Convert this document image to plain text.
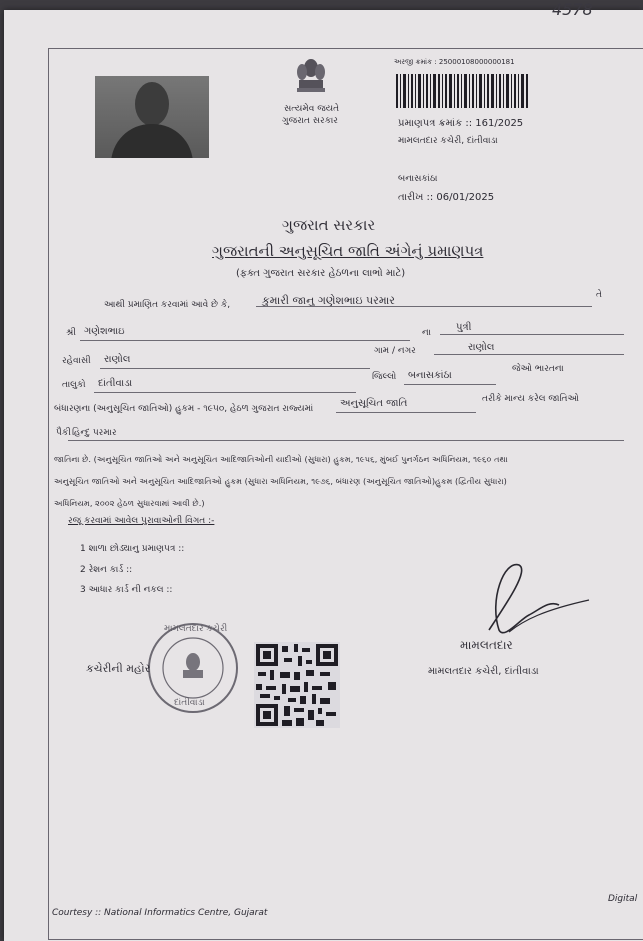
4578
સત્યમેવ જયતે
ગુજરાત સરકાર
અરજી ક્રમાંક : 25000108000000181
પ્રમાણપત્ર ક્રમાંક :: 161/2025
મામલતદાર કચેરી, દાંતીવાડા
બનાસકાંઠા
તારીખ :: 06/01/2025
ગુજરાત સરકાર
ગુજરાતની અનુસૂચિત જાતિ અંગેનું પ્રમાણપત્ર
(ફક્ત ગુજરાત સરકાર હેઠળના લાભો માટે)
આથી પ્રમાણિત કરવામાં આવે છે કે,	કુમારી જાનુ ગણેશભાઇ પરમાર	તે
શ્રી ગણેશભાઇ	ના	પુત્રી
રહેવાસી રાણોલ
ગામ / નગર	રાણોલ
તાલુકો દાંતીવાડા
જિલ્લો બનાસકાંઠા
જેઓ ભારતના
બંધારણના (અનુસૂચિત જાતિઓ) હુકમ - ૧૯૫૦, હેઠળ ગુજરાત રાજ્યમાં	અનુસૂચિત જાતિ	તરીકે માન્ય કરેલ જાતિઓ
પૈકી હિન્દુ પરમાર
જાતિના છે. (અનુસૂચિત જાતિઓ અને અનુસૂચિત આદિજાતિઓની યાદીઓ (સુધારા) હુકમ, ૧૯૫૬, મુંબઈ પુનર્ગઠન અધિનિયમ, ૧૯૬૦ તથા
અનુસૂચિત જાતિઓ અને અનુસૂચિત આદિજાતિઓ હુકમ (સુધારા અધિનિયમ, ૧૯૭૬, બંધારણ (અનુસૂચિત જાતિઓ)હુકમ (દ્વિતીય સુધારા)
અધિનિયમ, ૨૦૦૨ હેઠળ સુધારવામાં આવી છે.)
રજૂ કરવામાં આવેલ પુરાવાઓની વિગત :-
1 શાળા છોડ્યાનુ પ્રમાણપત્ર ::
2 રેશન કાર્ડ ::
3 આધાર કાર્ડ ની નકલ ::
મામલતદાર કચેરી
દાંતીવાડા
કચેરીની મહોર
મામલતદાર
મામલતદાર કચેરી, દાંતીવાડા
Courtesy :: National Informatics Centre, Gujarat
Digital
